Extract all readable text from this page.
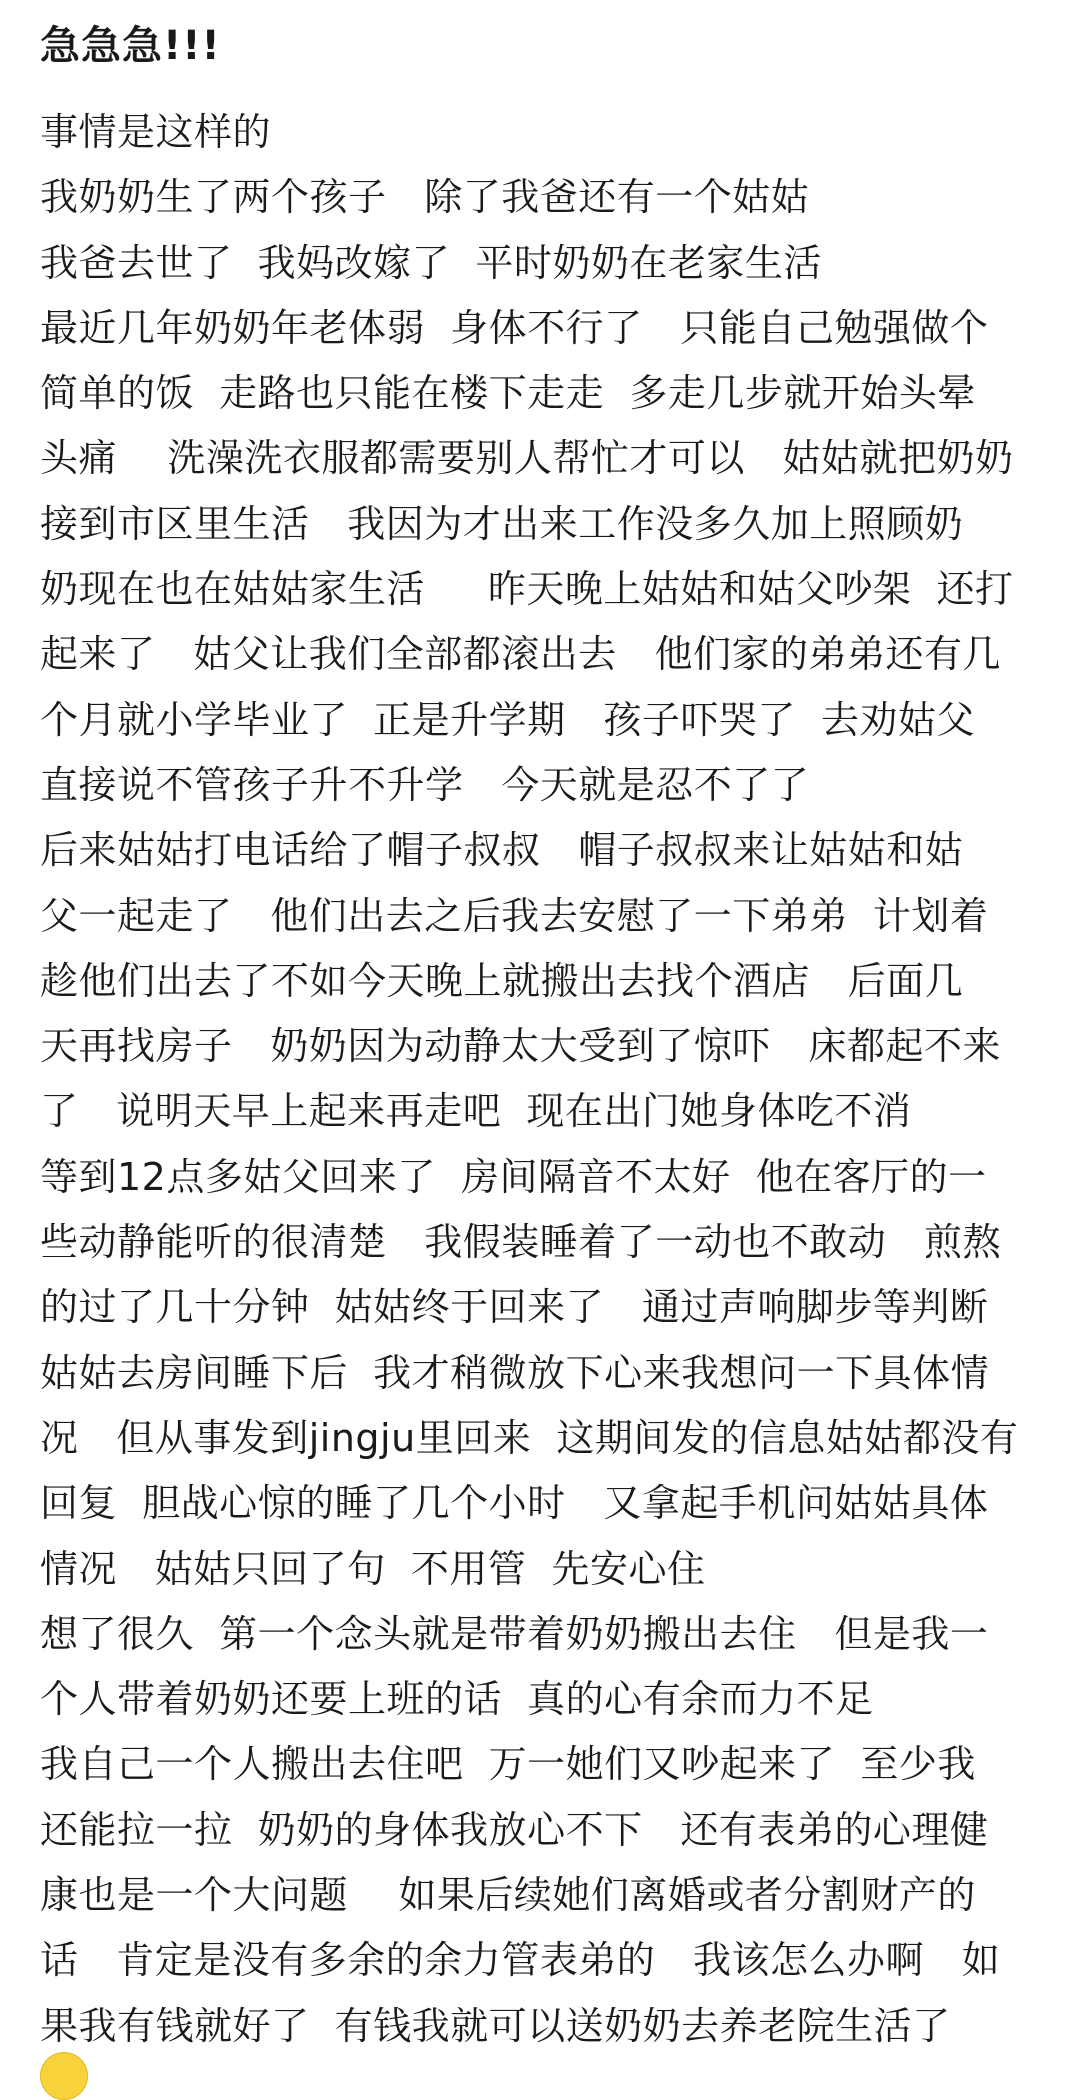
急急急!!!
事情是这样的
我奶奶生了两个孩子   除了我爸还有一个姑姑
我爸去世了  我妈改嫁了  平时奶奶在老家生活
最近几年奶奶年老体弱  身体不行了   只能自己勉强做个
简单的饭  走路也只能在楼下走走  多走几步就开始头晕
头痛    洗澡洗衣服都需要别人帮忙才可以   姑姑就把奶奶
接到市区里生活   我因为才出来工作没多久加上照顾奶
奶现在也在姑姑家生活     昨天晚上姑姑和姑父吵架  还打
起来了   姑父让我们全部都滚出去   他们家的弟弟还有几
个月就小学毕业了  正是升学期   孩子吓哭了  去劝姑父
直接说不管孩子升不升学   今天就是忍不了了
后来姑姑打电话给了帽子叔叔   帽子叔叔来让姑姑和姑
父一起走了   他们出去之后我去安慰了一下弟弟  计划着
趁他们出去了不如今天晚上就搬出去找个酒店   后面几
天再找房子   奶奶因为动静太大受到了惊吓   床都起不来
了   说明天早上起来再走吧  现在出门她身体吃不消
等到12点多姑父回来了  房间隔音不太好  他在客厅的一
些动静能听的很清楚   我假装睡着了一动也不敢动   煎熬
的过了几十分钟  姑姑终于回来了   通过声响脚步等判断
姑姑去房间睡下后  我才稍微放下心来我想问一下具体情
况   但从事发到jingju里回来  这期间发的信息姑姑都没有
回复  胆战心惊的睡了几个小时   又拿起手机问姑姑具体
情况   姑姑只回了句  不用管  先安心住
想了很久  第一个念头就是带着奶奶搬出去住   但是我一
个人带着奶奶还要上班的话  真的心有余而力不足
我自己一个人搬出去住吧  万一她们又吵起来了  至少我
还能拉一拉  奶奶的身体我放心不下   还有表弟的心理健
康也是一个大问题    如果后续她们离婚或者分割财产的
话   肯定是没有多余的余力管表弟的   我该怎么办啊   如
果我有钱就好了  有钱我就可以送奶奶去养老院生活了
